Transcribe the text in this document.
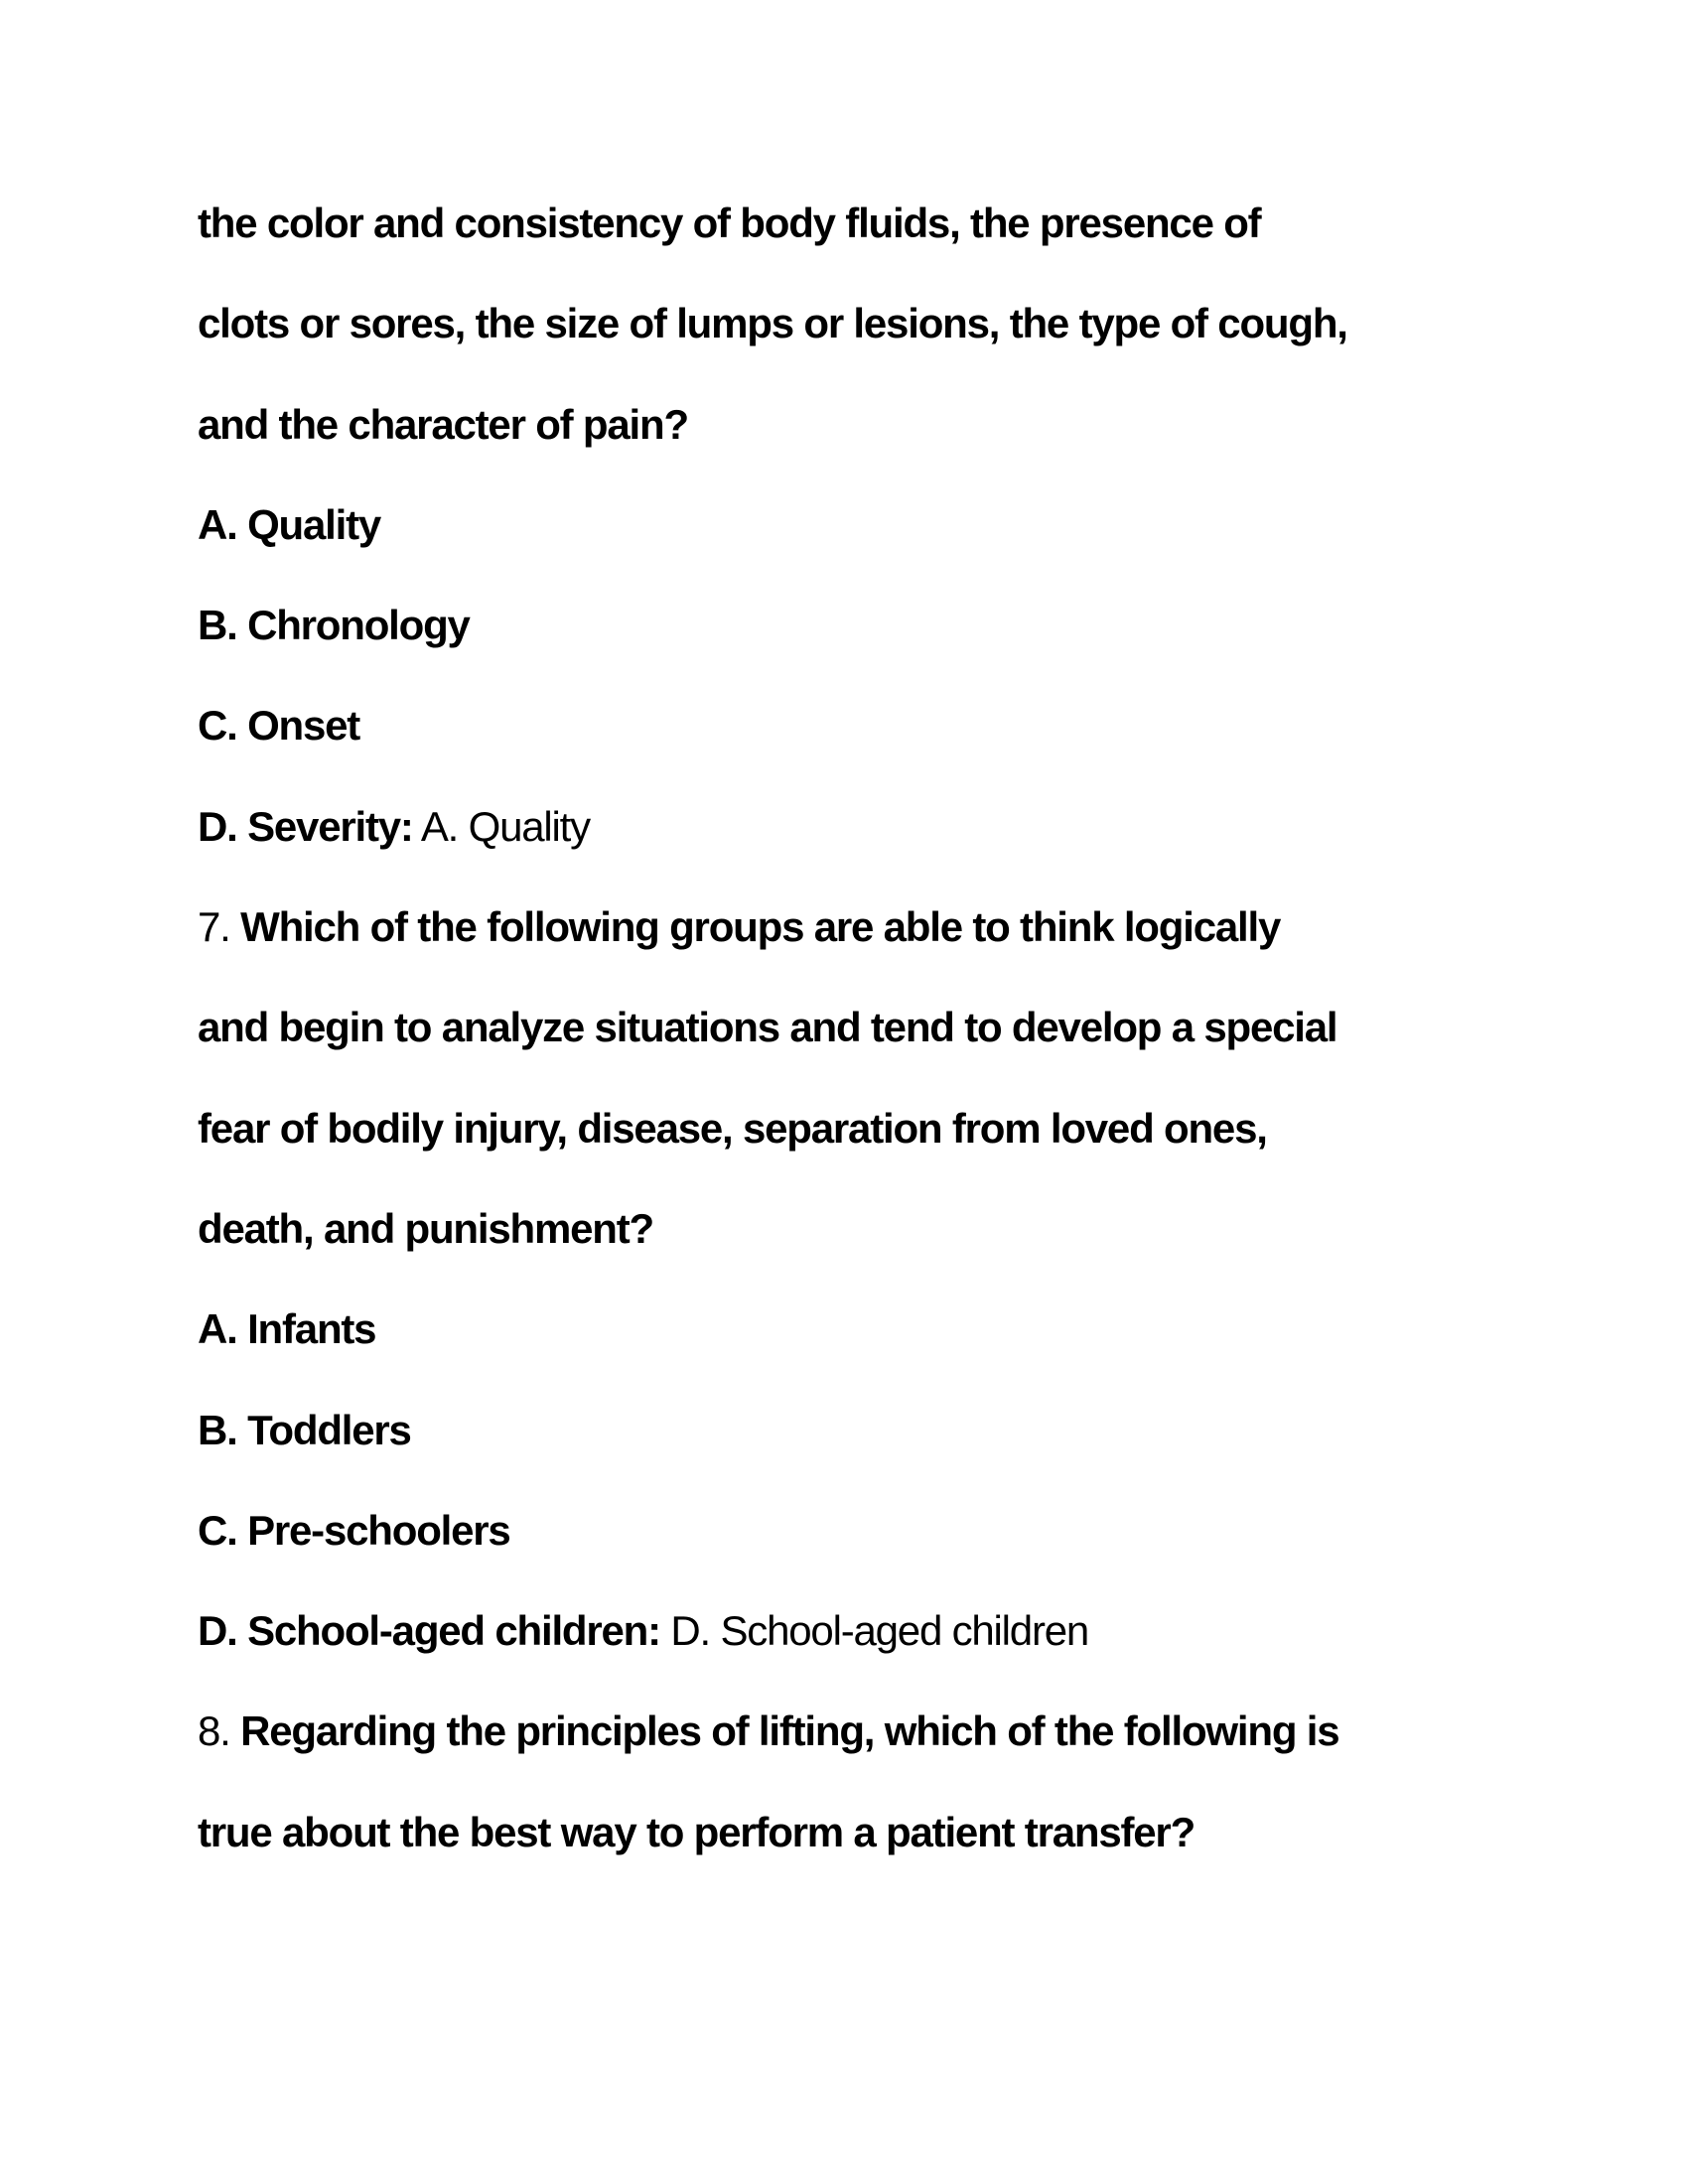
the color and consistency of body fluids, the presence of
clots or sores, the size of lumps or lesions, the type of cough,
and the character of pain?
A. Quality
B. Chronology
C. Onset
D. Severity: A. Quality
7. Which of the following groups are able to think logically
and begin to analyze situations and tend to develop a special
fear of bodily injury, disease, separation from loved ones,
death, and punishment?
A. Infants
B. Toddlers
C. Pre-schoolers
D. School-aged children: D. School-aged children
8. Regarding the principles of lifting, which of the following is
true about the best way to perform a patient transfer?
